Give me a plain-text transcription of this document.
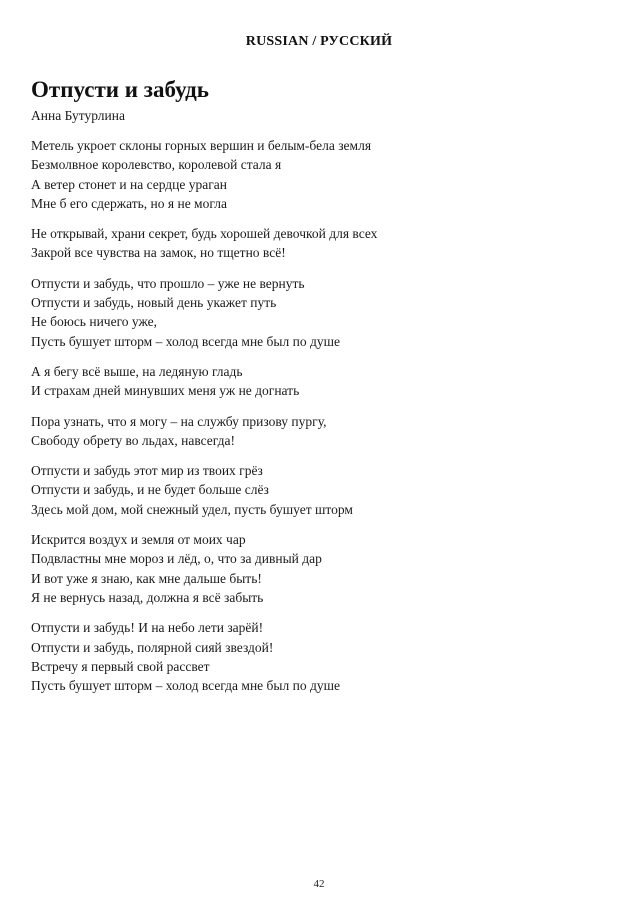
RUSSIAN / РУССКИЙ
Отпусти и забудь
Анна Бутурлина
Метель укроет склоны горных вершин и белым-бела земля
Безмолвное королевство, королевой стала я
А ветер стонет и на сердце ураган
Мне б его сдержать, но я не могла
Не открывай, храни секрет, будь хорошей девочкой для всех
Закрой все чувства на замок, но тщетно всё!
Отпусти и забудь, что прошло – уже не вернуть
Отпусти и забудь, новый день укажет путь
Не боюсь ничего уже,
Пусть бушует шторм – холод всегда мне был по душе
А я бегу всё выше, на ледяную гладь
И страхам дней минувших меня уж не догнать
Пора узнать, что я могу – на службу призову пургу,
Свободу обрету во льдах, навсегда!
Отпусти и забудь этот мир из твоих грёз
Отпусти и забудь, и не будет больше слёз
Здесь мой дом, мой снежный удел, пусть бушует шторм
Искрится воздух и земля от моих чар
Подвластны мне мороз и лёд, о, что за дивный дар
И вот уже я знаю, как мне дальше быть!
Я не вернусь назад, должна я всё забыть
Отпусти и забудь! И на небо лети зарёй!
Отпусти и забудь, полярной сияй звездой!
Встречу я первый свой рассвет
Пусть бушует шторм – холод всегда мне был по душе
42
